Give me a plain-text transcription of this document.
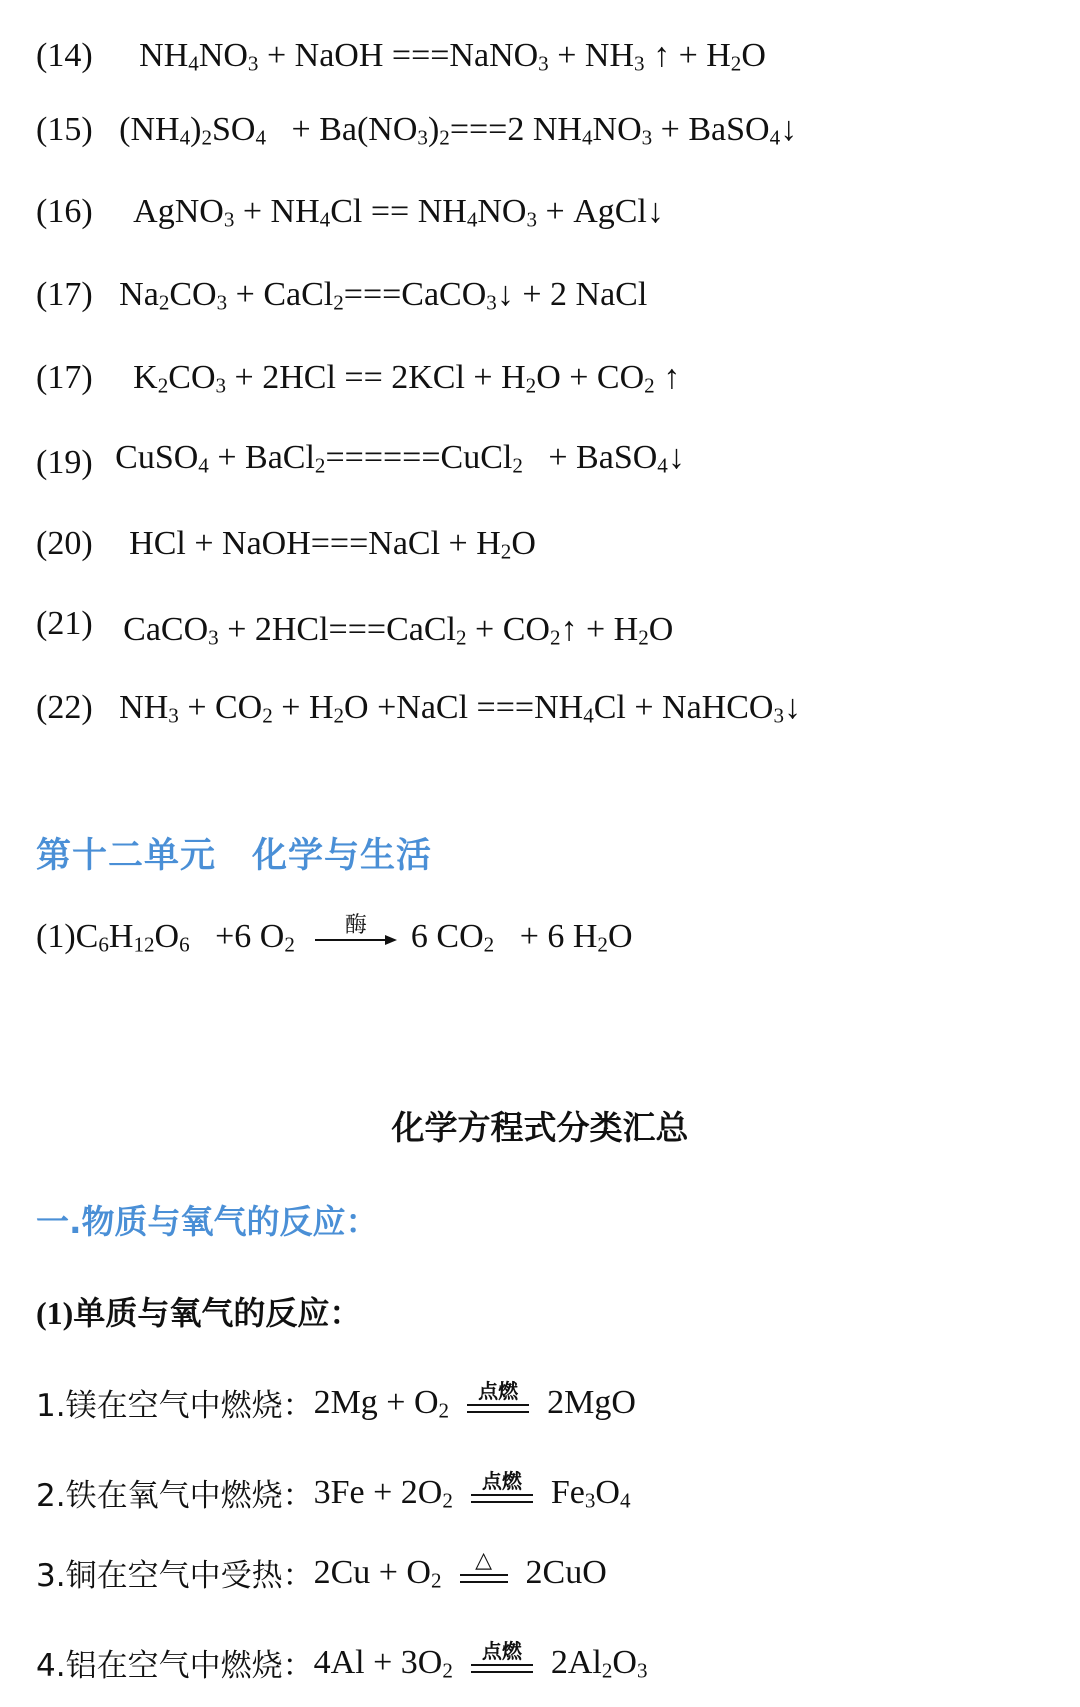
(14) $NH_4NO_3$ + NaOH ===NaNO$_3$ + $NH_3$ ↑ + $H_2O$
(15) $(NH_4)_2SO_4 + Ba(NO_3)_2===2$ $NH_4NO_3$ + BaSO$_4$↓
(16) AgNO$_3$ + $NH_4Cl == NH_4NO_3$ + AgCl↓
(17) $Na_2CO_3$ + CaCl$_2$===CaCO$_3$↓ + 2 NaCl
(17) $K_2CO_3 + 2HCl == 2KCl + H_2O + CO_2$ ↑
(19) CuSO$_4$ + BaCl$_2$======CuCl$_2$   + BaSO$_4$↓
(20) HCl + NaOH===NaCl + $H_2O$
(21) CaCO$_3$ + 2HCl===CaCl$_2$ + $CO_2↑ + H_2O$
(22) $NH_3 + CO_2 + H_2O$ +NaCl $===NH_4Cl$ + NaHCO$_3$↓
第十二单元 化学与生活
$(1)C_6H_{12}O_6 +6$ $O_2$
酶 6 $CO_2 + 6$ $H_2O$
化学方程式分类汇总
一.物质与氧气的反应：
(1)单质与氧气的反应：
1.镁在空气中燃烧： $2Mg + O_2$
点燃 2MgO
2.铁在氧气中燃烧： $3Fe + 2O_2$
点燃 $Fe_3O_4$
3.铜在空气中受热： $2Cu + O_2$
△ 2CuO
4.铝在空气中燃烧： $4Al + 3O_2$
点燃 $2Al_2O_3$
